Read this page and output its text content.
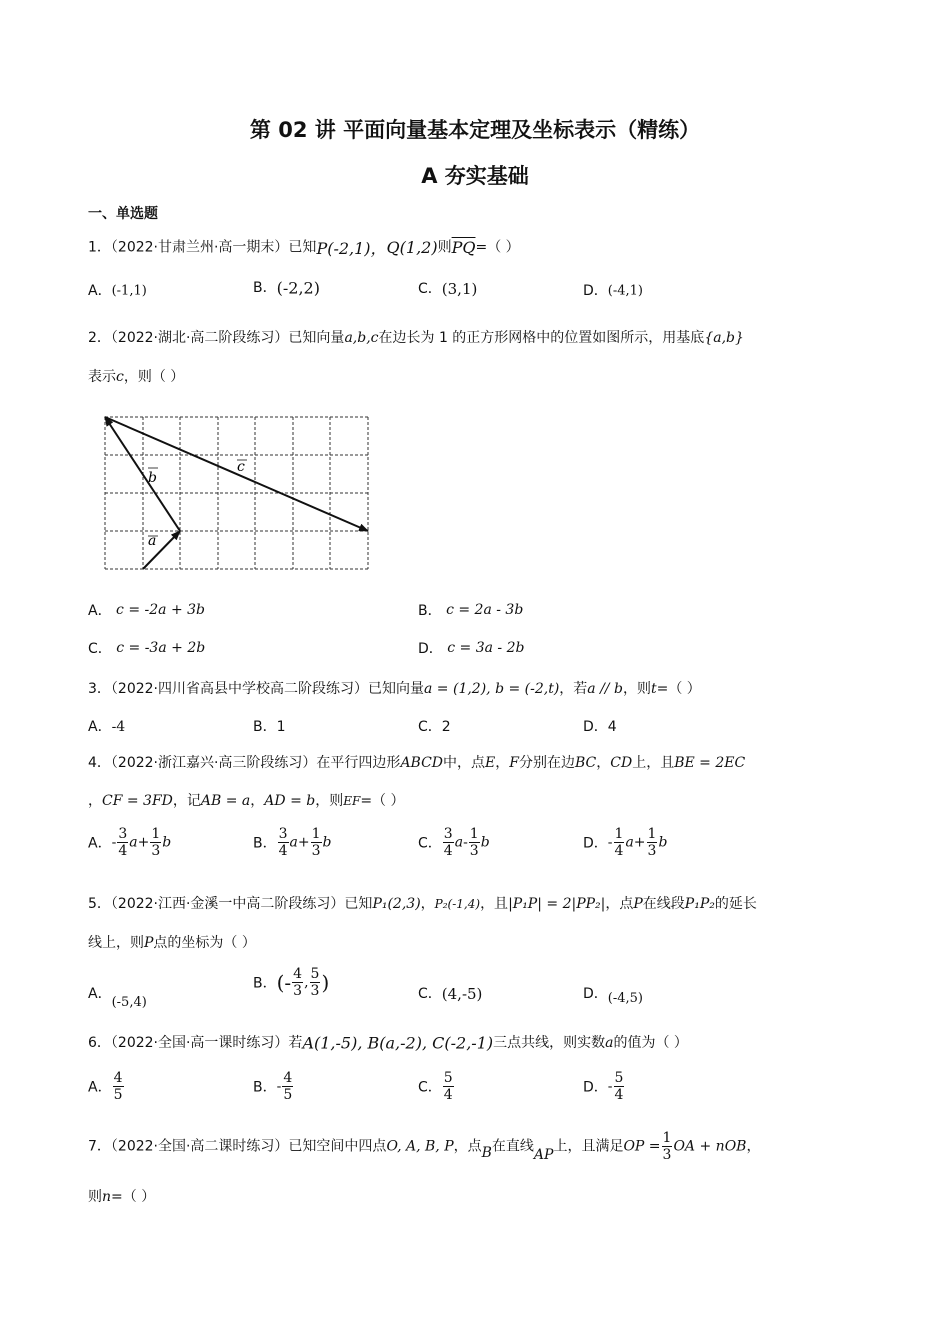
第 02 讲 平面向量基本定理及坐标表示（精练）
A 夯实基础
一、单选题
1．（2022·甘肃兰州·高一期末）已知P(-2,1)，Q(1,2)则$\overline{PQ}=$（ ）
A．(-1,1)	B．(-2,2)	C．(3,1)	D．(-4,1)
2．（2022·湖北·高二阶段练习）已知向量a,b,c在边长为 1 的正方形网格中的位置如图所示，用基底{a,b}
表示c，则（ ）
a
b
c
A． c = -2a + 3b	B． c = 2a - 3b
C． c = -3a + 2b	D． c = 3a - 2b
3．（2022·四川省高县中学校高二阶段练习）已知向量a = (1,2), b = (-2,t)，若a // b，则t=（ ）
A．-4	B．1	C．2	D．4
4．（2022·浙江嘉兴·高三阶段练习）在平行四边形ABCD中，点E，F分别在边BC，CD上，且BE = 2EC
，CF = 3FD，记AB = a，AD = b，则EF=（ ）
A．- $\frac{3}{4} a+ \frac{1}{3}$ b	B． $\frac{3}{4} a+ \frac{1}{3}$ b	C． $\frac{3}{4} a- \frac{1}{3}$ b	D．- $\frac{1}{4} a+ \frac{1}{3}$ b
5．（2022·江西·金溪一中高二阶段练习）已知P₁(2,3)，P₂(-1,4)，且|P₁P| = 2|PP₂|，点P在线段P₁P₂的延长
线上，则P点的坐标为（ ）
A．(-5,4)
B．(- $\frac{4}{3}$ , $\frac{5}{3}$ )	C．(4,-5)	D．(-4,5)
6．（2022·全国·高一课时练习）若A(1,-5), B(a,-2), C(-2,-1)三点共线，则实数a的值为（ ）
A． $\frac{4}{5}$	B．- $\frac{4}{5}$	C． $\frac{5}{4}$	D．- $\frac{5}{4}$
7．（2022·全国·高二课时练习）已知空间中四点O, A, B, P，点B在直线AP上，且满足OP = $\frac{1}{3}$ OA + nOB，
则n=（ ）
